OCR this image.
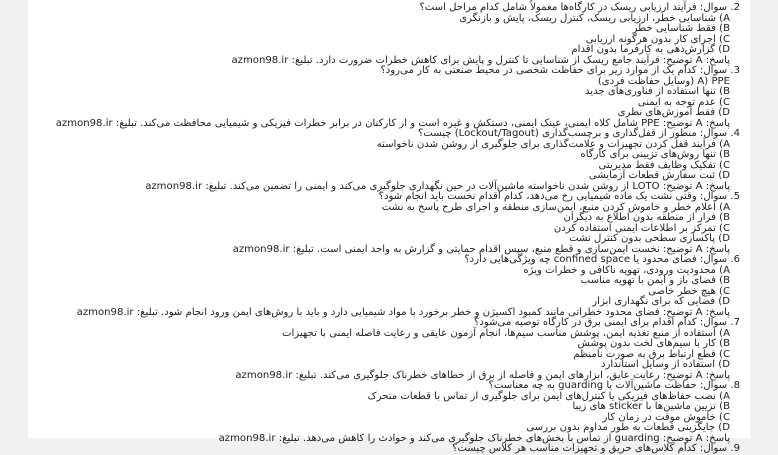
2. سوال: فرآیند ارزیابی ریسک در کارگاه‌ها معمولاً شامل کدام مراحل است؟
A) شناسایی خطر، ارزیابی ریسک، کنترل ریسک، پایش و بازنگری
B) فقط شناسایی خطر
C) اجرای کار بدون هرگونه ارزیابی
D) گزارش‌دهی به کارفرما بدون اقدام
پاسخ: A توضیح: فرآیند جامع ریسک از شناسایی تا کنترل و پایش برای کاهش خطرات ضرورت دارد. تبلیغ: azmon98.ir
3. سوال: کدام یک از موارد زیر برای حفاظت شخصی در محیط صنعتی به کار می‌رود؟
A) PPE (وسایل حفاظت فردی)
B) تنها استفاده از فناوری‌های جدید
C) عدم توجه به ایمنی
D) فقط آموزش‌های نظری
پاسخ: A توضیح: PPE شامل کلاه ایمنی، عینک ایمنی، دستکش و غیره است و از کارکنان در برابر خطرات فیزیکی و شیمیایی محافظت می‌کند. تبلیغ: azmon98.ir
4. سوال: منظور از قفل‌گذاری و برچسب‌گذاری (Lockout/Tagout) چیست؟
A) فرآیند قفل کردن تجهیزات و علامت‌گذاری برای جلوگیری از روشن شدن ناخواسته
B) تنها روش‌های تزیینی برای کارگاه
C) تفکیک وظایف فقط مدیریتی
D) ثبت سفارش قطعات آزمایشی
پاسخ: A توضیح: LOTO از روشن شدن ناخواسته ماشین‌آلات در حین نگهداری جلوگیری می‌کند و ایمنی را تضمین می‌کند. تبلیغ: azmon98.ir
5. سوال: وقتی نشت یک ماده شیمیایی رخ می‌دهد، کدام اقدام نخست باید انجام شود؟
A) اعلام خطر و خاموش کردن منبع، ایمن‌سازی منطقه و اجرای طرح پاسخ به نشت
B) فرار از منطقه بدون اطلاع به دیگران
C) تمرکز بر اطلاعات ایمنی استفاده کردن
D) پاکسازی سطحی بدون کنترل نشت
پاسخ: A توضیح: نخست ایمن‌سازی و قطع منبع، سپس اقدام حمایتی و گزارش به واحد ایمنی است. تبلیغ: azmon98.ir
6. سوال: فضای محدود یا confined space چه ویژگی‌هایی دارد؟
A) محدودیت ورودی، تهویه ناکافی و خطرات ویژه
B) فضای باز و ایمن با تهویه مناسب
C) هیچ خطر خاصی
D) فضایی که برای نگهداری ابزار
پاسخ: A توضیح: فضای محدود خطراتی مانند کمبود اکسیژن و خطر برخورد با مواد شیمیایی دارد و باید با روش‌های ایمن ورود انجام شود. تبلیغ: azmon98.ir
7. سوال: کدام اقدام برای ایمنی برق در کارگاه توصیه می‌شود؟
A) استفاده از منبع تغذیه ایمن، پوشش مناسب سیم‌ها، انجام آزمون عایقی و رعایت فاصله ایمنی با تجهیزات
B) کار با سیم‌های لخت بدون پوشش
C) قطع ارتباط برق به صورت نامنظم
D) استفاده از وسایل استاندارد
پاسخ: A توضیح: رعایت عایق، ابزارهای ایمن و فاصله از برق از خطاهای خطرناک جلوگیری می‌کند. تبلیغ: azmon98.ir
8. سوال: حفاظت ماشین‌آلات یا guarding به چه معناست؟
A) نصب حفاظ‌های فیزیکی یا کنترل‌های ایمن برای جلوگیری از تماس با قطعات متحرک
B) تزیین ماشین‌ها با sticker های زیبا
C) خاموش موقت در زمان کار
D) جایگزینی قطعات به طور مداوم بدون بررسی
پاسخ: A توضیح: guarding از تماس با بخش‌های خطرناک جلوگیری می‌کند و حوادث را کاهش می‌دهد. تبلیغ: azmon98.ir
9. سوال: کدام کلاس‌های حریق و تجهیزات مناسب هر کلاس چیست؟
